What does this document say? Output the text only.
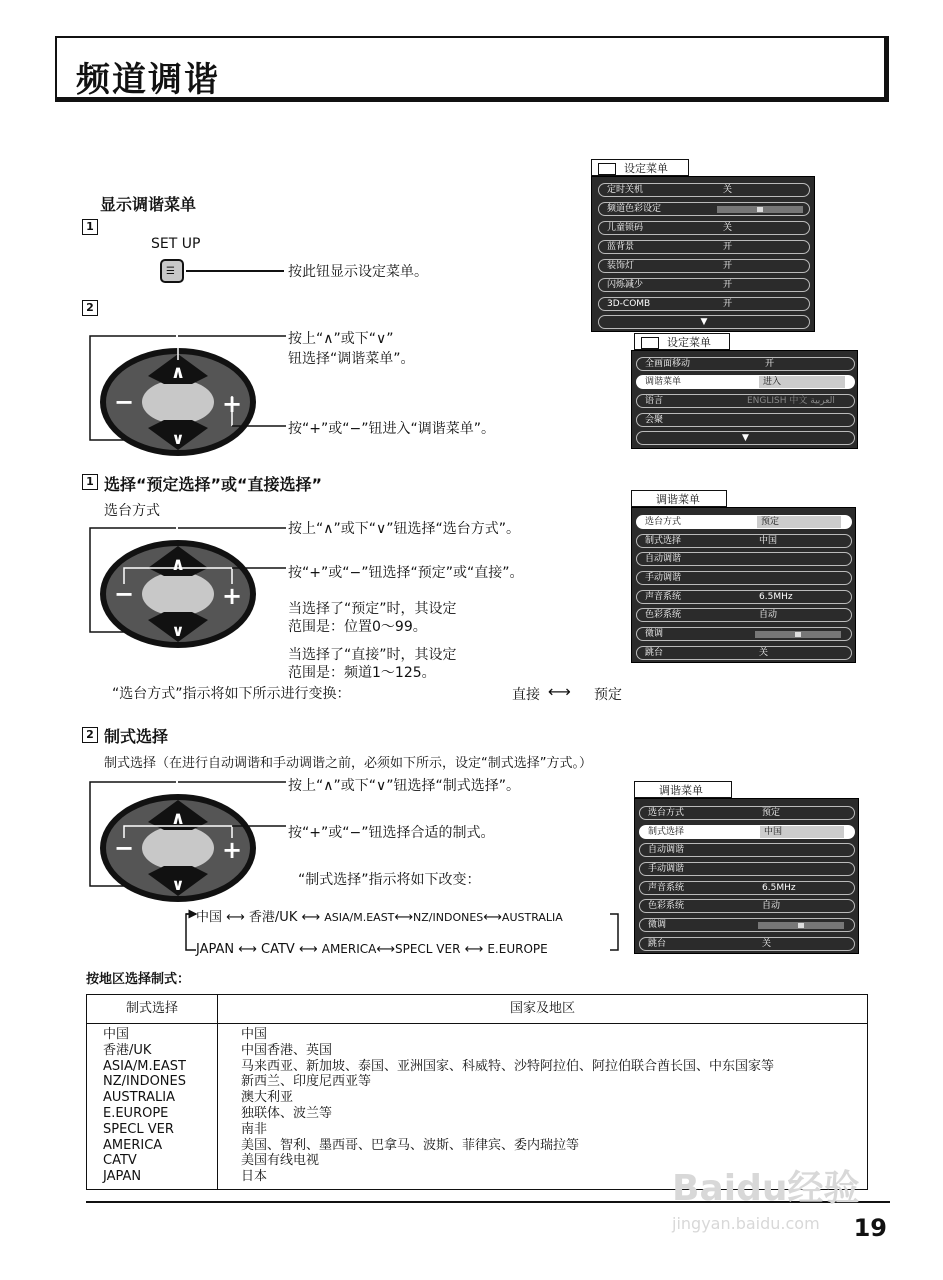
频道调谐
显示调谐菜单
1
SET UP
☰	按此钮显示设定菜单。
2
∧
∨
−	+
按上“∧”或下“∨”
钮选择“调谐菜单”。
按“+”或“−”钮进入“调谐菜单”。
定时关机	关
频道色彩设定
儿童锁码	关
蓝背景	开
装饰灯	开
闪烁减少	开
3D-COMB	开
▼
设定菜单
全画面移动	开
调谐菜单	进入
语言	ENGLISH 中文 العربية
会聚
▼
设定菜单
1 选择“预定选择”或“直接选择”
选台方式
∧
∨
−	+
按上“∧”或下“∨”钮选择“选台方式”。
按“+”或“−”钮选择“预定”或“直接”。
当选择了“预定”时，其设定
范围是：位置0～99。
当选择了“直接”时，其设定
范围是：频道1～125。
“选台方式”指示将如下所示进行变换：	直接 ⟷ 预定
选台方式	预定
制式选择	中国
自动调谐
手动调谐
声音系统	6.5MHz
色彩系统	自动
微调
跳台	关
调谐菜单
2 制式选择
制式选择（在进行自动调谐和手动调谐之前，必须如下所示，设定“制式选择”方式。）
∧
∨
−	+
按上“∧”或下“∨”钮选择“制式选择”。
按“+”或“−”钮选择合适的制式。
“制式选择”指示将如下改变：
中国 ⟷ 香港/UK ⟷ ASIA/M.EAST⟷NZ/INDONES⟷AUSTRALIA
JAPAN ⟷ CATV ⟷ AMERICA⟷SPECL VER ⟷ E.EUROPE
选台方式	预定
制式选择	中国
自动调谐
手动调谐
声音系统	6.5MHz
色彩系统	自动
微调
跳台	关
调谐菜单
按地区选择制式：
制式选择	国家及地区
中国	中国
香港/UK	中国香港、英国
ASIA/M.EAST	马来西亚、新加坡、泰国、亚洲国家、科威特、沙特阿拉伯、阿拉伯联合酋长国、中东国家等
NZ/INDONES	新西兰、印度尼西亚等
AUSTRALIA	澳大利亚
E.EUROPE	独联体、波兰等
SPECL VER	南非
AMERICA	美国、智利、墨西哥、巴拿马、波斯、菲律宾、委内瑞拉等
CATV	美国有线电视
JAPAN	日本
19
Baidu经验
jingyan.baidu.com
